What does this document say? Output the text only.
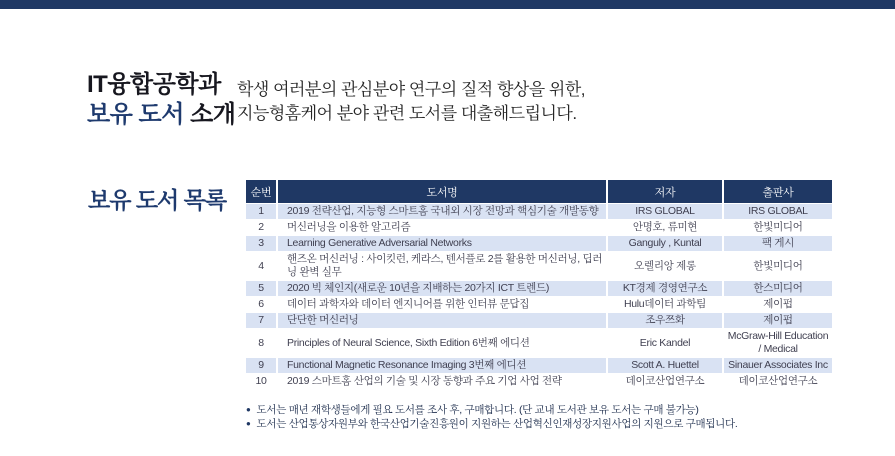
IT융합공학과
보유 도서 소개
학생 여러분의 관심분야 연구의 질적 향상을 위한,
지능형홈케어 분야 관련 도서를 대출해드립니다.
보유 도서 목록 순번	도서명	저자	출판사
1	2019 전략산업, 지능형 스마트홈 국내외 시장 전망과 핵심기술 개발동향	IRS GLOBAL	IRS GLOBAL
2	머신러닝을 이용한 알고리즘	안명호, 류미현	한빛미디어
3	Learning Generative Adversarial Networks	Ganguly , Kuntal	팩 게시
4	핸즈온 머신러닝 : 사이킷런, 케라스, 텐서플로 2를 활용한 머신러닝, 딥러닝 완벽 실무	오렐리앙 제롱	한빛미디어
5	2020 빅 체인지(새로운 10년을 지배하는 20가지 ICT 트렌드)	KT경제 경영연구소	한스미디어
6	데이터 과학자와 데이터 엔지니어를 위한 인터뷰 문답집	Hulu데이터 과학팀	제이펍
7	단단한 머신러닝	조우쯔화	제이펍
8	Principles of Neural Science, Sixth Edition 6번째 에디션	Eric Kandel	McGraw-Hill Education / Medical
9	Functional Magnetic Resonance Imaging 3번째 에디션	Scott A. Huettel	Sinauer Associates Inc
10	2019 스마트홈 산업의 기술 및 시장 동향과 주요 기업 사업 전략	데이코산업연구소	데이코산업연구소
● 도서는 매년 재학생들에게 필요 도서를 조사 후, 구매합니다. (단 교내 도서관 보유 도서는 구매 불가능)
● 도서는 산업통상자원부와 한국산업기술진흥원이 지원하는 산업혁신인재성장지원사업의 지원으로 구매됩니다.
